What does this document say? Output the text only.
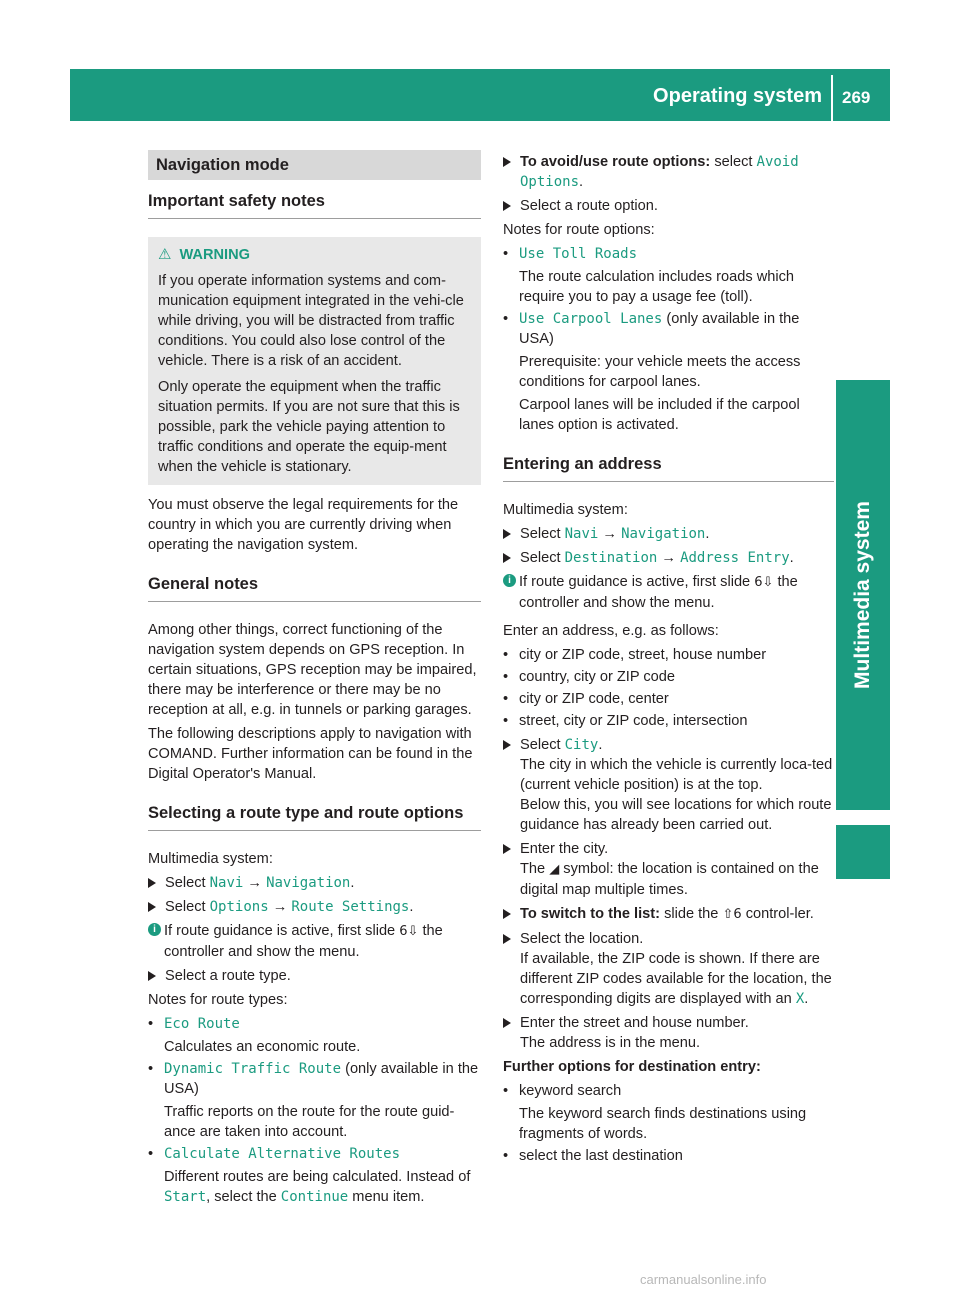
Operating system 269
Multimedia system
Navigation mode
Important safety notes
⚠ WARNING

If you operate information systems and com-munication equipment integrated in the vehi-cle while driving, you will be distracted from traffic conditions. You could also lose control of the vehicle. There is a risk of an accident.

Only operate the equipment when the traffic situation permits. If you are not sure that this is possible, park the vehicle paying attention to traffic conditions and operate the equip-ment when the vehicle is stationary.

You must observe the legal requirements for the country in which you are currently driving when operating the navigation system.

General notes

Among other things, correct functioning of the navigation system depends on GPS reception. In certain situations, GPS reception may be impaired, there may be interference or there may be no reception at all, e.g. in tunnels or parking garages.

The following descriptions apply to navigation with COMAND. Further information can be found in the Digital Operator's Manual.

Selecting a route type and route options

Multimedia system:

Select Navi → Navigation.
Select Options → Route Settings.
i If route guidance is active, first slide 6⇩ the controller and show the menu.
Select a route type.

Notes for route types:

• Eco Route
Calculates an economic route.
• Dynamic Traffic Route (only available in the USA)
Traffic reports on the route for the route guid-ance are taken into account.
• Calculate Alternative Routes
Different routes are being calculated. Instead of Start, select the Continue menu item.
To avoid/use route options: select Avoid Options.
Select a route option.

Notes for route options:

• Use Toll Roads
The route calculation includes roads which require you to pay a usage fee (toll).
• Use Carpool Lanes (only available in the USA)
Prerequisite: your vehicle meets the access conditions for carpool lanes.
Carpool lanes will be included if the carpool lanes option is activated.
Entering an address

Multimedia system:

Select Navi → Navigation.
Select Destination → Address Entry.
i If route guidance is active, first slide 6⇩ the controller and show the menu.

Enter an address, e.g. as follows:

• city or ZIP code, street, house number
• country, city or ZIP code
• city or ZIP code, center
• street, city or ZIP code, intersection
Select City.
The city in which the vehicle is currently loca-ted (current vehicle position) is at the top.
Below this, you will see locations for which route guidance has already been carried out.
Enter the city.
The ◢ symbol: the location is contained on the digital map multiple times.
To switch to the list: slide the ⇧6 control-ler.
Select the location.
If available, the ZIP code is shown. If there are different ZIP codes available for the location, the corresponding digits are displayed with an X.
Enter the street and house number.
The address is in the menu.

Further options for destination entry:

• keyword search
The keyword search finds destinations using fragments of words.
• select the last destination
carmanualsonline.info
